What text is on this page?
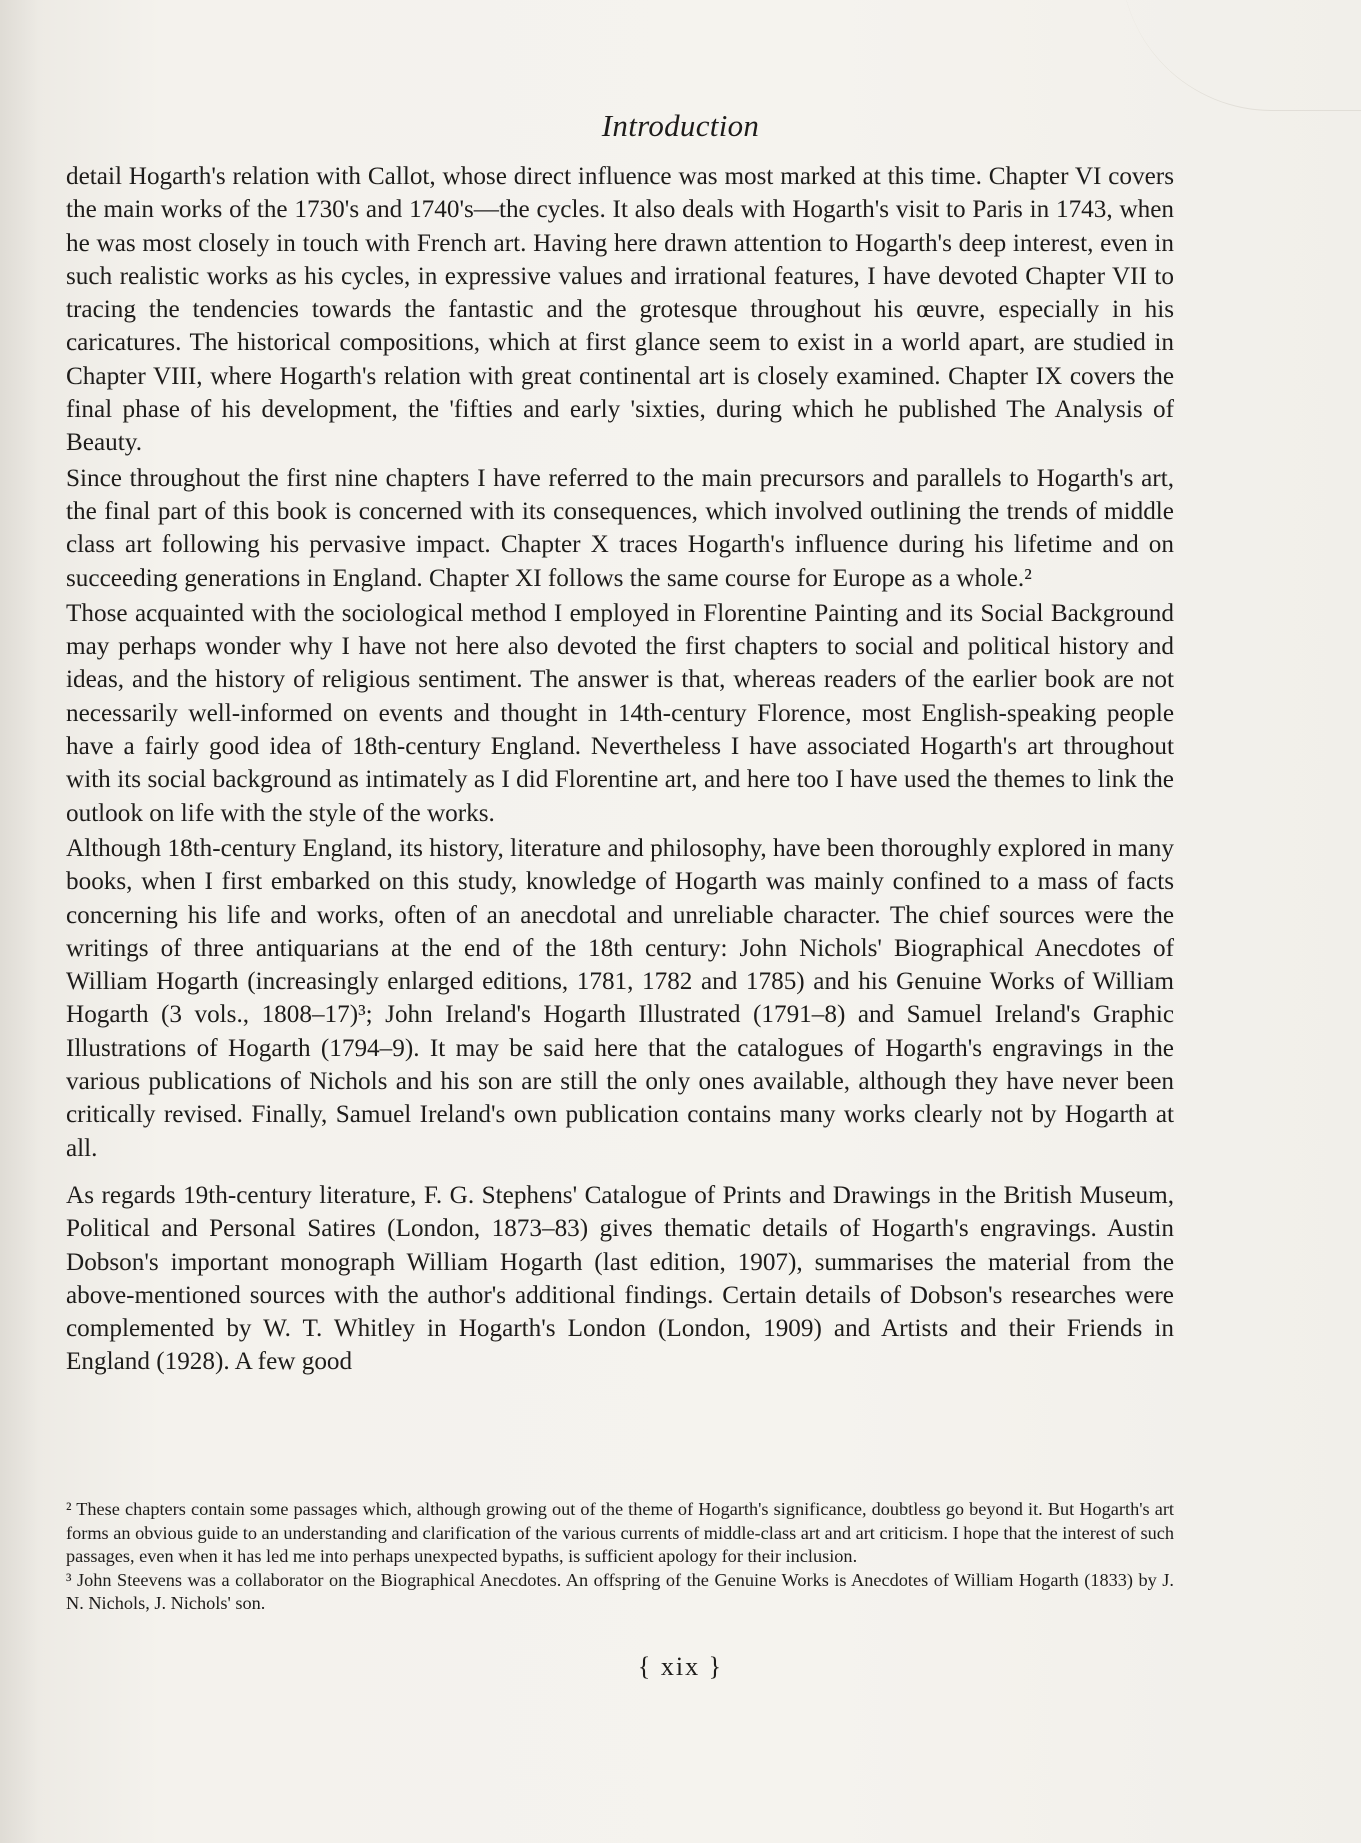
Introduction

detail Hogarth's relation with Callot, whose direct influence was most marked at this time. Chapter VI covers the main works of the 1730's and 1740's—the cycles. It also deals with Hogarth's visit to Paris in 1743, when he was most closely in touch with French art. Having here drawn attention to Hogarth's deep interest, even in such realistic works as his cycles, in expressive values and irrational features, I have devoted Chapter VII to tracing the tendencies towards the fantastic and the grotesque throughout his œuvre, especially in his caricatures. The historical compositions, which at first glance seem to exist in a world apart, are studied in Chapter VIII, where Hogarth's relation with great continental art is closely examined. Chapter IX covers the final phase of his development, the 'fifties and early 'sixties, during which he published The Analysis of Beauty.

Since throughout the first nine chapters I have referred to the main precursors and parallels to Hogarth's art, the final part of this book is concerned with its consequences, which involved outlining the trends of middle class art following his pervasive impact. Chapter X traces Hogarth's influence during his lifetime and on succeeding generations in England. Chapter XI follows the same course for Europe as a whole.²

Those acquainted with the sociological method I employed in Florentine Painting and its Social Background may perhaps wonder why I have not here also devoted the first chapters to social and political history and ideas, and the history of religious sentiment. The answer is that, whereas readers of the earlier book are not necessarily well-informed on events and thought in 14th-century Florence, most English-speaking people have a fairly good idea of 18th-century England. Nevertheless I have associated Hogarth's art throughout with its social background as intimately as I did Florentine art, and here too I have used the themes to link the outlook on life with the style of the works.

Although 18th-century England, its history, literature and philosophy, have been thoroughly explored in many books, when I first embarked on this study, knowledge of Hogarth was mainly confined to a mass of facts concerning his life and works, often of an anecdotal and unreliable character. The chief sources were the writings of three antiquarians at the end of the 18th century: John Nichols' Biographical Anecdotes of William Hogarth (increasingly enlarged editions, 1781, 1782 and 1785) and his Genuine Works of William Hogarth (3 vols., 1808–17)³; John Ireland's Hogarth Illustrated (1791–8) and Samuel Ireland's Graphic Illustrations of Hogarth (1794–9). It may be said here that the catalogues of Hogarth's engravings in the various publications of Nichols and his son are still the only ones available, although they have never been critically revised. Finally, Samuel Ireland's own publication contains many works clearly not by Hogarth at all.

As regards 19th-century literature, F. G. Stephens' Catalogue of Prints and Drawings in the British Museum, Political and Personal Satires (London, 1873–83) gives thematic details of Hogarth's engravings. Austin Dobson's important monograph William Hogarth (last edition, 1907), summarises the material from the above-mentioned sources with the author's additional findings. Certain details of Dobson's researches were complemented by W. T. Whitley in Hogarth's London (London, 1909) and Artists and their Friends in England (1928). A few good

² These chapters contain some passages which, although growing out of the theme of Hogarth's significance, doubtless go beyond it. But Hogarth's art forms an obvious guide to an understanding and clarification of the various currents of middle-class art and art criticism. I hope that the interest of such passages, even when it has led me into perhaps unexpected bypaths, is sufficient apology for their inclusion.

³ John Steevens was a collaborator on the Biographical Anecdotes. An offspring of the Genuine Works is Anecdotes of William Hogarth (1833) by J. N. Nichols, J. Nichols' son.

{ xix }
